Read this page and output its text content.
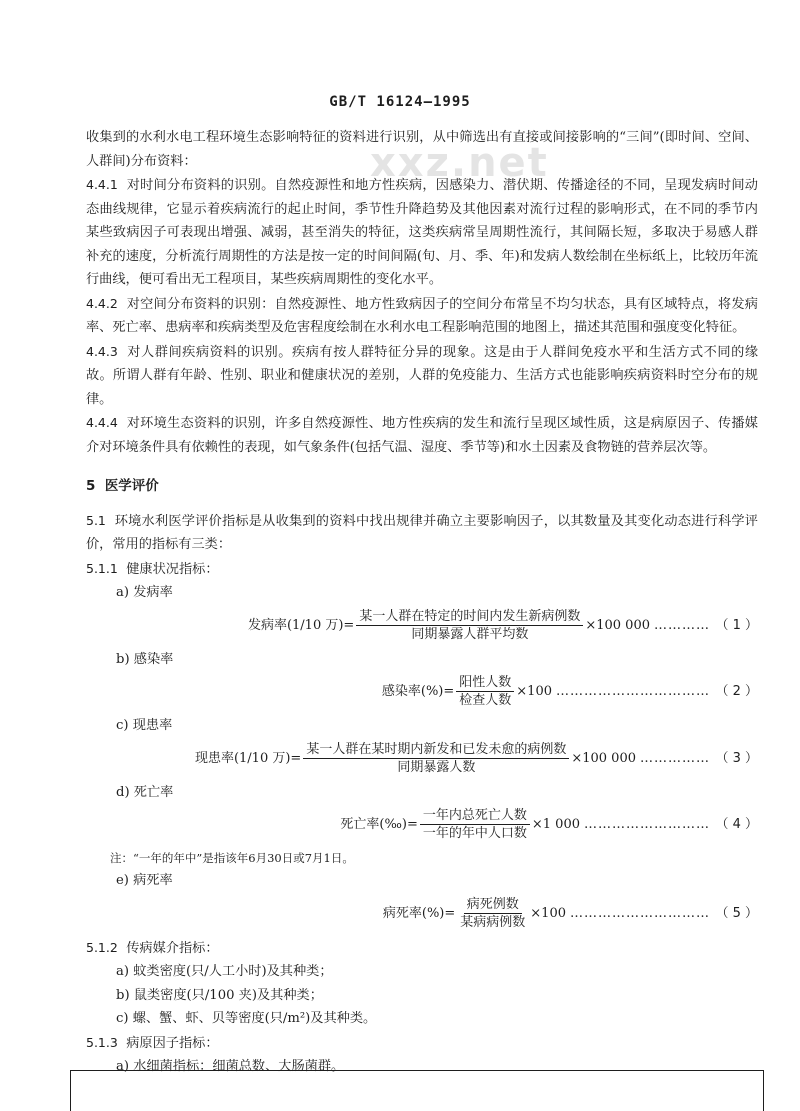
GB/T 16124—1995
xxz.net

收集到的水利水电工程环境生态影响特征的资料进行识别，从中筛选出有直接或间接影响的“三间”(即时间、空间、人群间)分布资料：

4.4.1 对时间分布资料的识别。自然疫源性和地方性疾病，因感染力、潜伏期、传播途径的不同，呈现发病时间动态曲线规律，它显示着疾病流行的起止时间，季节性升降趋势及其他因素对流行过程的影响形式，在不同的季节内某些致病因子可表现出增强、减弱，甚至消失的特征，这类疾病常呈周期性流行，其间隔长短，多取决于易感人群补充的速度，分析流行周期性的方法是按一定的时间间隔(旬、月、季、年)和发病人数绘制在坐标纸上，比较历年流行曲线，便可看出无工程项目，某些疾病周期性的变化水平。

4.4.2 对空间分布资料的识别：自然疫源性、地方性致病因子的空间分布常呈不均匀状态，具有区域特点，将发病率、死亡率、患病率和疾病类型及危害程度绘制在水利水电工程影响范围的地图上，描述其范围和强度变化特征。

4.4.3 对人群间疾病资料的识别。疾病有按人群特征分异的现象。这是由于人群间免疫水平和生活方式不同的缘故。所谓人群有年龄、性别、职业和健康状况的差别，人群的免疫能力、生活方式也能影响疾病资料时空分布的规律。

4.4.4 对环境生态资料的识别，许多自然疫源性、地方性疾病的发生和流行呈现区域性质，这是病原因子、传播媒介对环境条件具有依赖性的表现，如气象条件(包括气温、湿度、季节等)和水土因素及食物链的营养层次等。

5 医学评价

5.1 环境水利医学评价指标是从收集到的资料中找出规律并确立主要影响因子，以其数量及其变化动态进行科学评价，常用的指标有三类：

5.1.1 健康状况指标：

a) 发病率

发病率(1/10 万)= $\frac{\text{某一人群在特定的时间内发生新病例数}}{\text{同期暴露人群平均数}} \times 100$ 000 ………… （ 1 ）

b) 感染率

感染率(%)= $\frac{\text{阳性人数}}{\text{检查人数}} \times 100$ …………………………… （ 2 ）

c) 现患率

现患率(1/10 万)= $\frac{\text{某一人群在某时期内新发和已发未愈的病例数}}{\text{同期暴露人数}} \times 100$ 000 …………… （ 3 ）

d) 死亡率

死亡率(‰)= $\frac{\text{一年内总死亡人数}}{\text{一年的年中人口数}} \times 1$ 000 ……………………… （ 4 ）

注：“一年的年中”是指该年6月30日或7月1日。

e) 病死率

病死率(%)= $\frac{\text{病死例数}}{\text{某病病例数}} \times 100$ ………………………… （ 5 ）

5.1.2 传病媒介指标：

a) 蚊类密度(只/人工小时)及其种类；

b) 鼠类密度(只/100 夹)及其种类；

c) 螺、蟹、虾、贝等密度(只/m²)及其种类。

5.1.3 病原因子指标：

a) 水细菌指标：细菌总数、大肠菌群。
